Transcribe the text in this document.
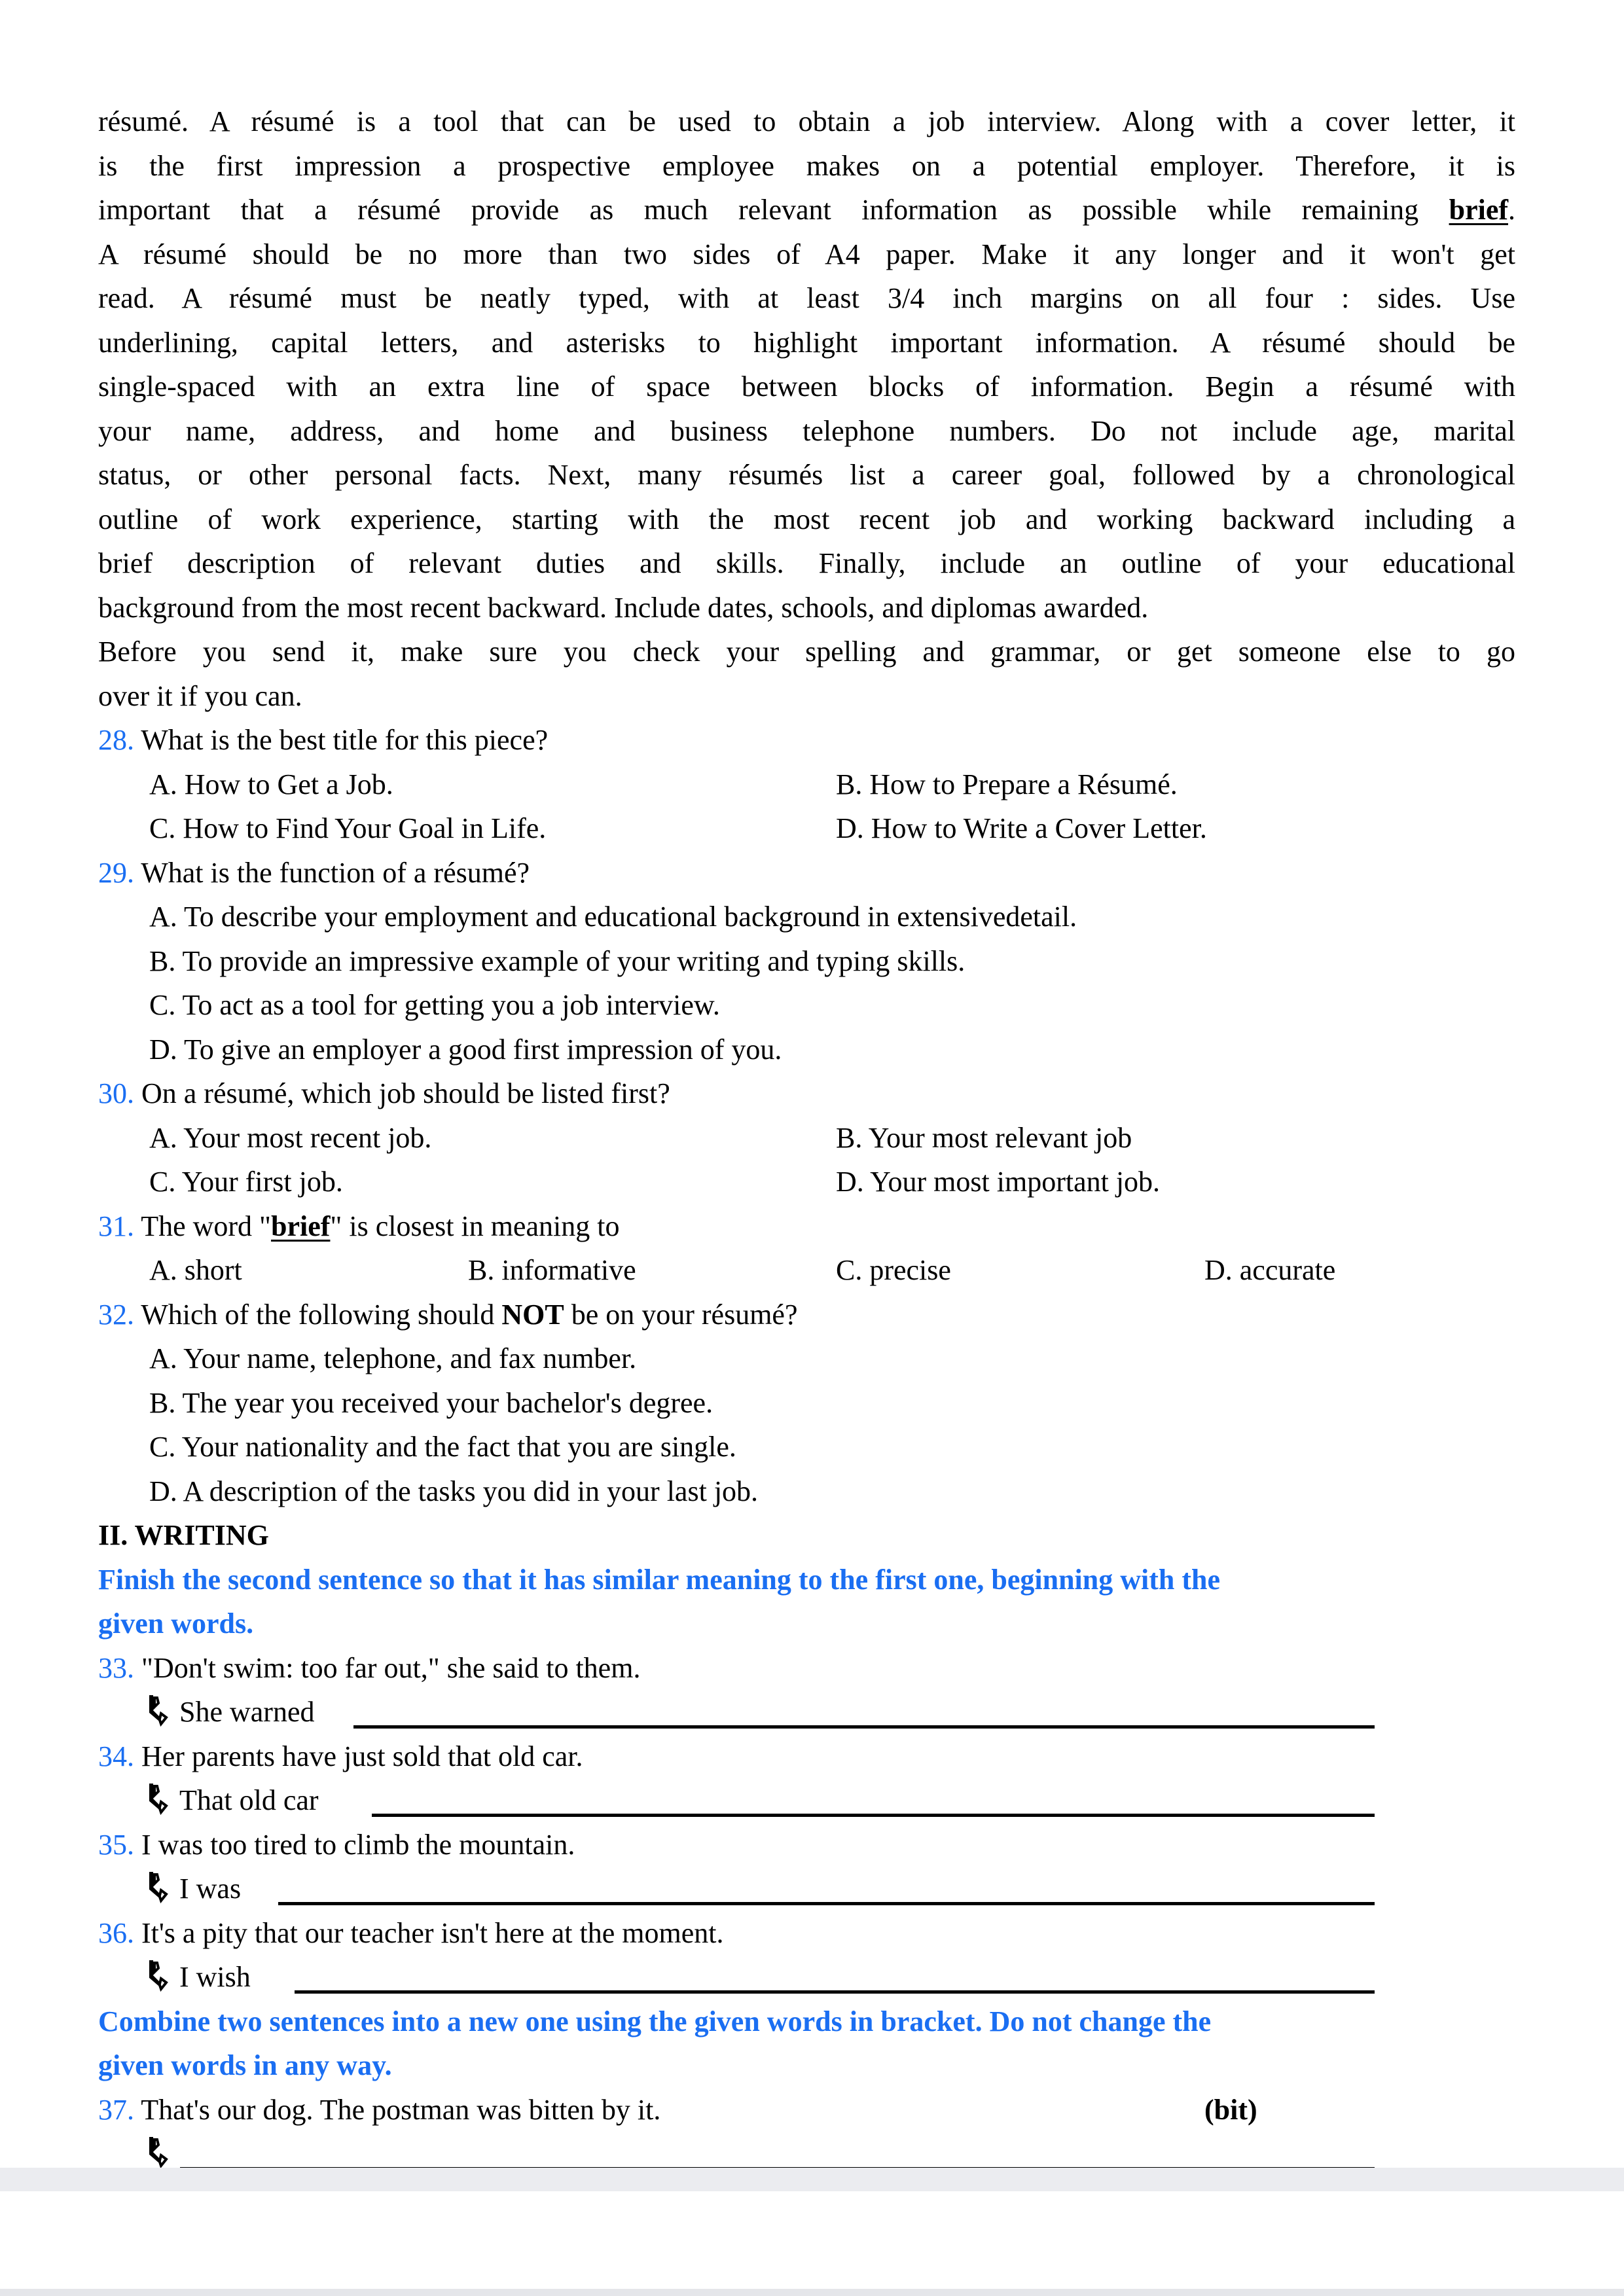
résumé. A résumé is a tool that can be used to obtain a job interview. Along with a cover letter, it
is the first impression a prospective employee makes on a potential employer. Therefore, it is
important that a résumé provide as much relevant information as possible while remaining brief.
A résumé should be no more than two sides of A4 paper. Make it any longer and it won't get
read. A résumé must be neatly typed, with at least 3/4 inch margins on all four : sides. Use
underlining, capital letters, and asterisks to highlight important information. A résumé should be
single-spaced with an extra line of space between blocks of information. Begin a résumé with
your name, address, and home and business telephone numbers. Do not include age, marital
status, or other personal facts. Next, many résumés list a career goal, followed by a chronological
outline of work experience, starting with the most recent job and working backward including a
brief description of relevant duties and skills. Finally, include an outline of your educational
background from the most recent backward. Include dates, schools, and diplomas awarded.
Before you send it, make sure you check your spelling and grammar, or get someone else to go
over it if you can.
28. What is the best title for this piece?
A. How to Get a Job.	B. How to Prepare a Résumé.
C. How to Find Your Goal in Life.	D. How to Write a Cover Letter.
29. What is the function of a résumé?
A. To describe your employment and educational background in extensivedetail.
B. To provide an impressive example of your writing and typing skills.
C. To act as a tool for getting you a job interview.
D. To give an employer a good first impression of you.
30. On a résumé, which job should be listed first?
A. Your most recent job.	B. Your most relevant job
C. Your first job.	D. Your most important job.
31. The word "brief" is closest in meaning to
A. short	B. informative	C. precise	D. accurate
32. Which of the following should NOT be on your résumé?
A. Your name, telephone, and fax number.
B. The year you received your bachelor's degree.
C. Your nationality and the fact that you are single.
D. A description of the tasks you did in your last job.
II. WRITING
Finish the second sentence so that it has similar meaning to the first one, beginning with the
given words.
33. "Don't swim: too far out," she said to them.
She warned
34. Her parents have just sold that old car.
That old car
35. I was too tired to climb the mountain.
I was
36. It's a pity that our teacher isn't here at the moment.
I wish
Combine two sentences into a new one using the given words in bracket. Do not change the
given words in any way.
37. That's our dog. The postman was bitten by it.	(bit)
